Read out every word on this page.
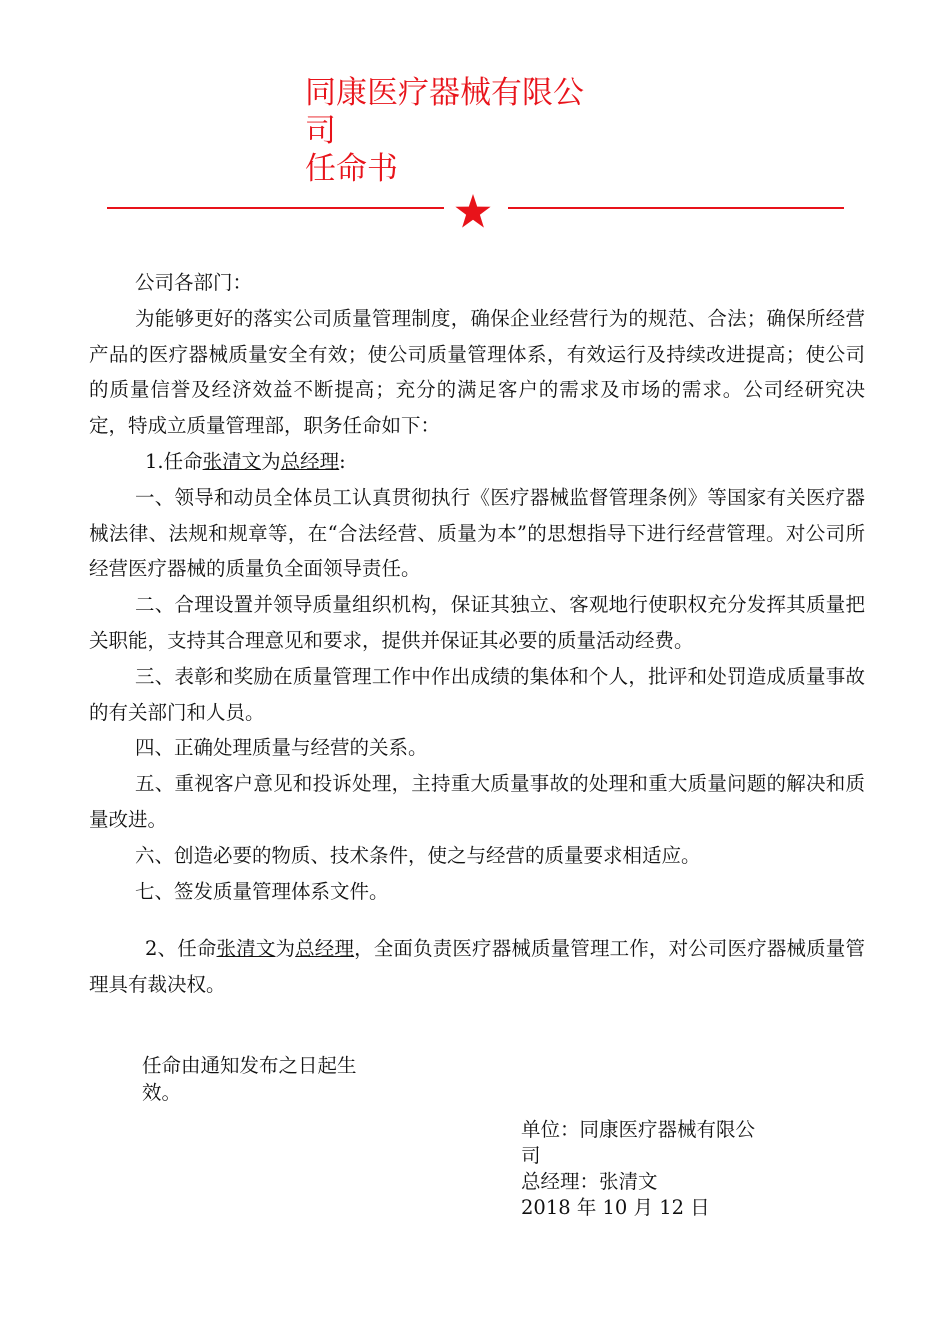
同康医疗器械有限公
司
任命书

公司各部门：

为能够更好的落实公司质量管理制度，确保企业经营行为的规范、合法；确保所经营产品的医疗器械质量安全有效；使公司质量管理体系，有效运行及持续改进提高；使公司的质量信誉及经济效益不断提高；充分的满足客户的需求及市场的需求。公司经研究决定，特成立质量管理部，职务任命如下：

1.任命张清文为总经理:

一、领导和动员全体员工认真贯彻执行《医疗器械监督管理条例》等国家有关医疗器械法律、法规和规章等，在“合法经营、质量为本”的思想指导下进行经营管理。对公司所经营医疗器械的质量负全面领导责任。

二、合理设置并领导质量组织机构，保证其独立、客观地行使职权充分发挥其质量把关职能，支持其合理意见和要求，提供并保证其必要的质量活动经费。

三、表彰和奖励在质量管理工作中作出成绩的集体和个人，批评和处罚造成质量事故的有关部门和人员。

四、正确处理质量与经营的关系。

五、重视客户意见和投诉处理，主持重大质量事故的处理和重大质量问题的解决和质量改进。

六、创造必要的物质、技术条件，使之与经营的质量要求相适应。

七、签发质量管理体系文件。

2、任命张清文为总经理，全面负责医疗器械质量管理工作，对公司医疗器械质量管理具有裁决权。

任命由通知发布之日起生
效。
单位：同康医疗器械有限公
司
总经理：张清文
2018 年 10 月 12 日
